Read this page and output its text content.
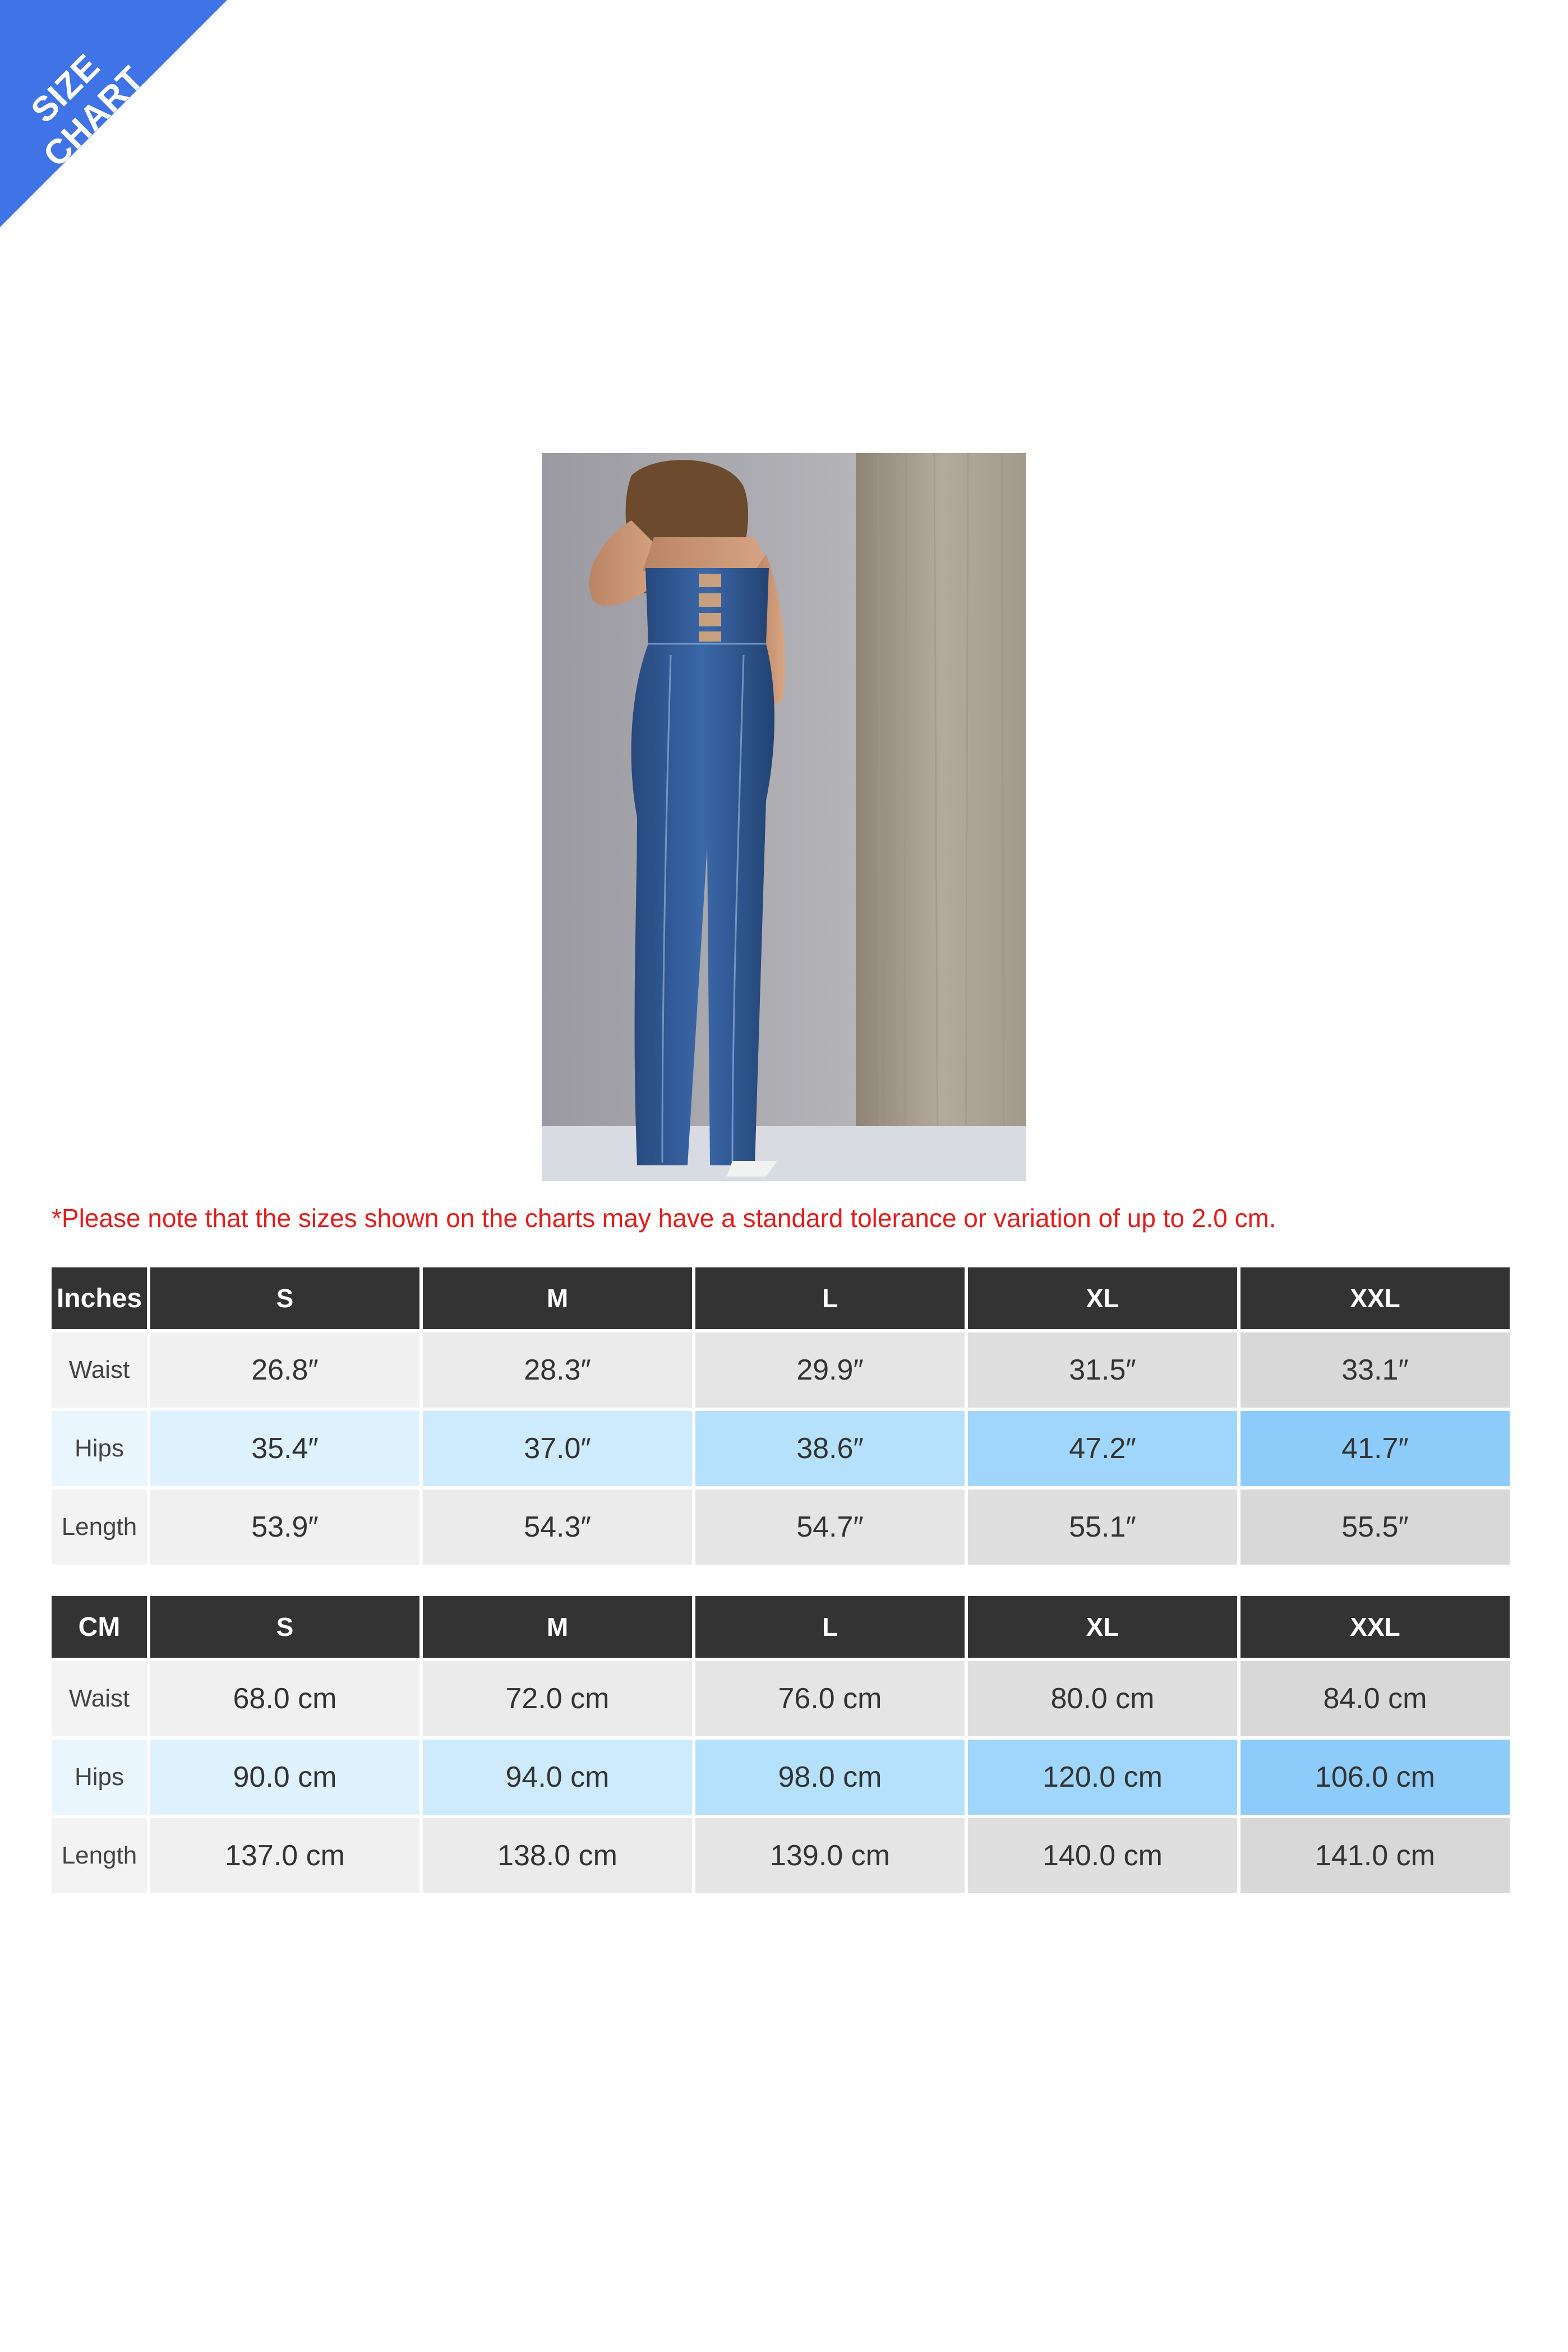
SIZE CHART
*Please note that the sizes shown on the charts may have a standard tolerance or variation of up to 2.0 cm.
Inches	S	M	L	XL	XXL
Waist	26.8″	28.3″	29.9″	31.5″	33.1″
Hips	35.4″	37.0″	38.6″	47.2″	41.7″
Length	53.9″	54.3″	54.7″	55.1″	55.5″
CM	S	M	L	XL	XXL
Waist	68.0 cm	72.0 cm	76.0 cm	80.0 cm	84.0 cm
Hips	90.0 cm	94.0 cm	98.0 cm	120.0 cm	106.0 cm
Length	137.0 cm	138.0 cm	139.0 cm	140.0 cm	141.0 cm
